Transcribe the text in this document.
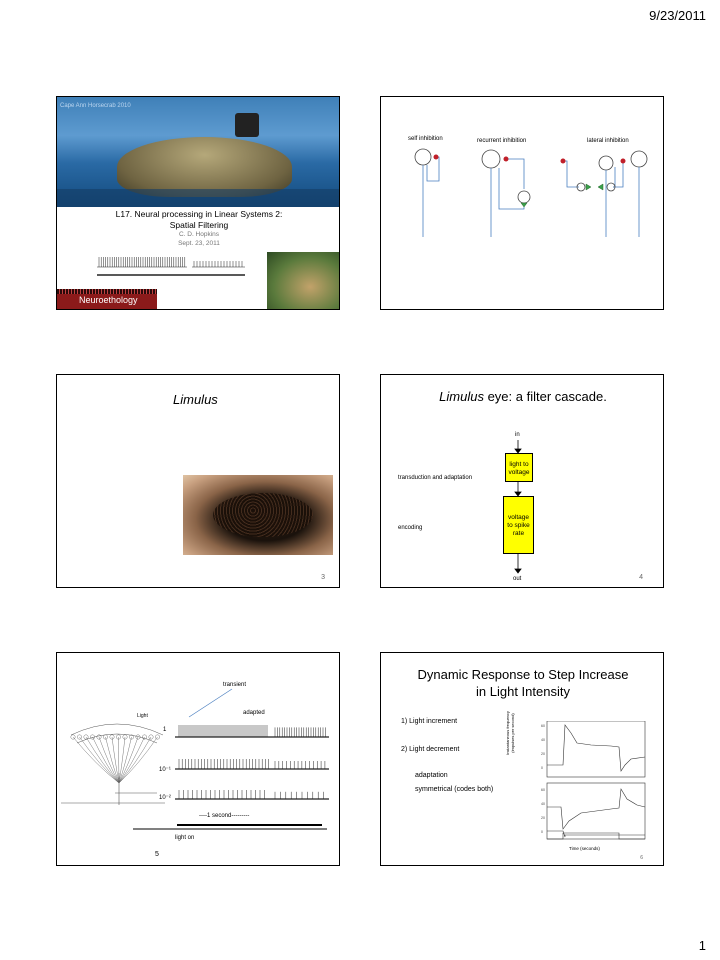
9/23/2011
Cape Ann Horsecrab 2010
L17. Neural processing in Linear Systems 2:
Spatial Filtering
C. D. Hopkins
Sept. 23, 2011
Neuroethology
self inhibition	recurrent inhibition	lateral inhibition
Limulus
3
Limulus eye: a filter cascade.
in
light to
voltage
voltage
to spike
rate
transduction and adaptation
encoding
out	4
transient
adapted
Light
1
10⁻¹
10⁻²
----1 second---------
light on
5
Dynamic Response to Step Increase
in Light Intensity
1) Light increment
2) Light decrement
adaptation
symmetrical (codes both)
Instantaneous frequency
(impulses per second)	60
40
20
0
60
40
20
0
Time (seconds)
6
1
